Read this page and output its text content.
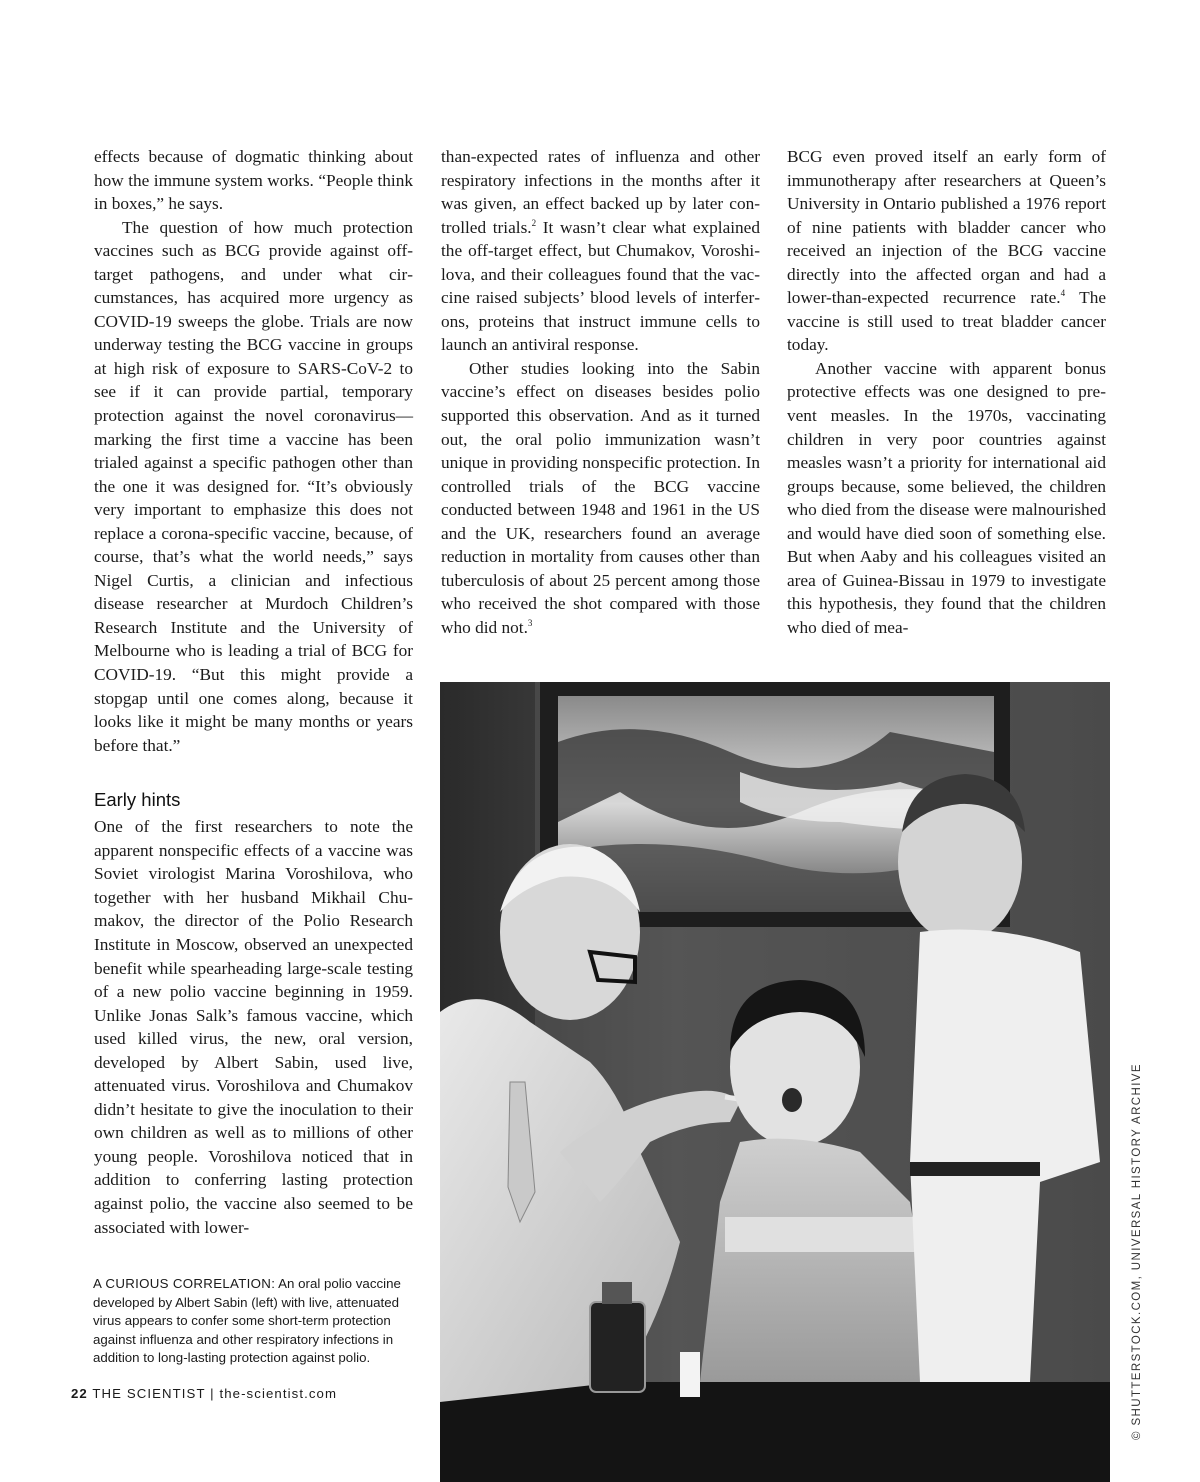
effects because of dogmatic thinking about how the immune system works. “People think in boxes,” he says.

The question of how much protection vaccines such as BCG provide against off-target pathogens, and under what circumstances, has acquired more urgency as COVID-19 sweeps the globe. Trials are now underway testing the BCG vaccine in groups at high risk of exposure to SARS-CoV-2 to see if it can provide partial, temporary protection against the novel coronavirus—marking the first time a vaccine has been trialed against a specific pathogen other than the one it was designed for. “It’s obviously very important to emphasize this does not replace a corona-specific vaccine, because, of course, that’s what the world needs,” says Nigel Curtis, a clinician and infectious disease researcher at Murdoch Children’s Research Institute and the University of Melbourne who is leading a trial of BCG for COVID-19. “But this might provide a stopgap until one comes along, because it looks like it might be many months or years before that.”

Early hints

One of the first researchers to note the apparent nonspecific effects of a vaccine was Soviet virologist Marina Voroshilova, who together with her husband Mikhail Chumakov, the director of the Polio Research Institute in Moscow, observed an unexpected benefit while spearheading large-scale testing of a new polio vaccine beginning in 1959. Unlike Jonas Salk’s famous vaccine, which used killed virus, the new, oral version, developed by Albert Sabin, used live, attenuated virus. Voroshilova and Chumakov didn’t hesitate to give the inoculation to their own children as well as to millions of other young people. Voroshilova noticed that in addition to conferring lasting protection against polio, the vaccine also seemed to be associated with lower-

than-expected rates of influenza and other respiratory infections in the months after it was given, an effect backed up by later controlled trials.$^2$ It wasn’t clear what explained the off-target effect, but Chumakov, Voroshilova, and their colleagues found that the vaccine raised subjects’ blood levels of interferons, proteins that instruct immune cells to launch an antiviral response.

Other studies looking into the Sabin vaccine’s effect on diseases besides polio supported this observation. And as it turned out, the oral polio immunization wasn’t unique in providing nonspecific protection. In controlled trials of the BCG vaccine conducted between 1948 and 1961 in the US and the UK, researchers found an average reduction in mortality from causes other than tuberculosis of about 25 percent among those who received the shot compared with those who did not.$^3$

BCG even proved itself an early form of immunotherapy after researchers at Queen’s University in Ontario published a 1976 report of nine patients with bladder cancer who received an injection of the BCG vaccine directly into the affected organ and had a lower-than-expected recurrence rate.$^4$ The vaccine is still used to treat bladder cancer today.

Another vaccine with apparent bonus protective effects was one designed to prevent measles. In the 1970s, vaccinating children in very poor countries against measles wasn’t a priority for international aid groups because, some believed, the children who died from the disease were malnourished and would have died soon of something else. But when Aaby and his colleagues visited an area of Guinea-Bissau in 1979 to investigate this hypothesis, they found that the children who died of mea-

A CURIOUS CORRELATION: An oral polio vaccine developed by Albert Sabin (left) with live, attenuated virus appears to confer some short-term protection against influenza and other respiratory infections in addition to long-lasting protection against polio.
22 THE SCIENTIST | the-scientist.com	© SHUTTERSTOCK.COM, UNIVERSAL HISTORY ARCHIVE
